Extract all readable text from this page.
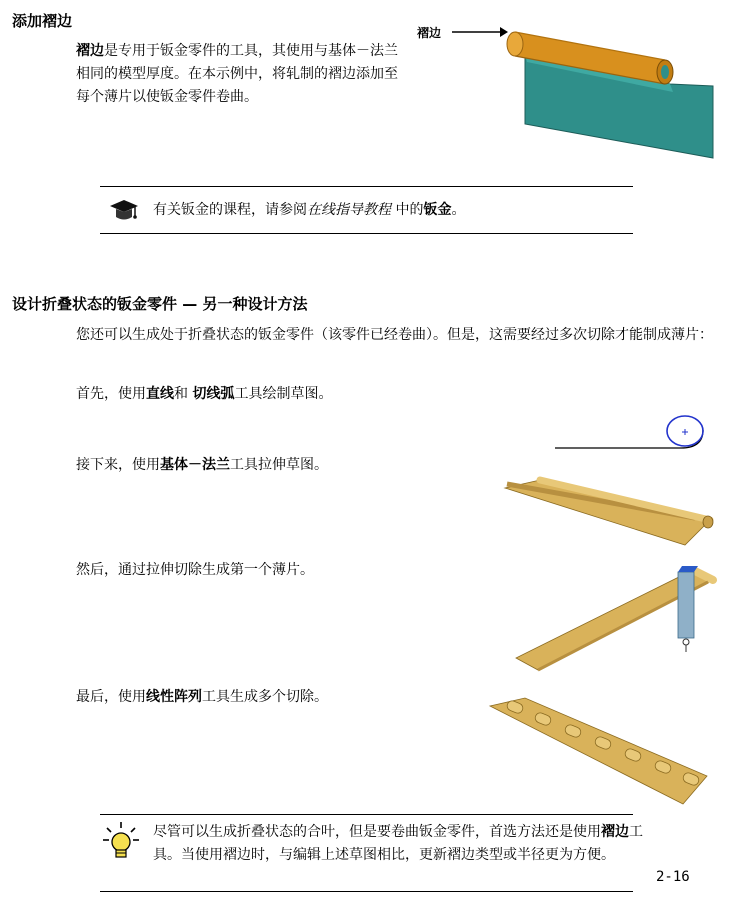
添加褶边
褶边是专用于钣金零件的工具，其使用与基体－法兰相同的模型厚度。在本示例中，将轧制的褶边添加至每个薄片以使钣金零件卷曲。
褶边
有关钣金的课程，请参阅在线指导教程 中的钣金。
设计折叠状态的钣金零件 — 另一种设计方法
您还可以生成处于折叠状态的钣金零件（该零件已经卷曲）。但是，这需要经过多次切除才能制成薄片：
首先，使用直线和 切线弧工具绘制草图。
接下来，使用基体－法兰工具拉伸草图。
然后，通过拉伸切除生成第一个薄片。
最后，使用线性阵列工具生成多个切除。
尽管可以生成折叠状态的合叶，但是要卷曲钣金零件，首选方法还是使用褶边工具。当使用褶边时，与编辑上述草图相比，更新褶边类型或半径更为方便。
2-16
